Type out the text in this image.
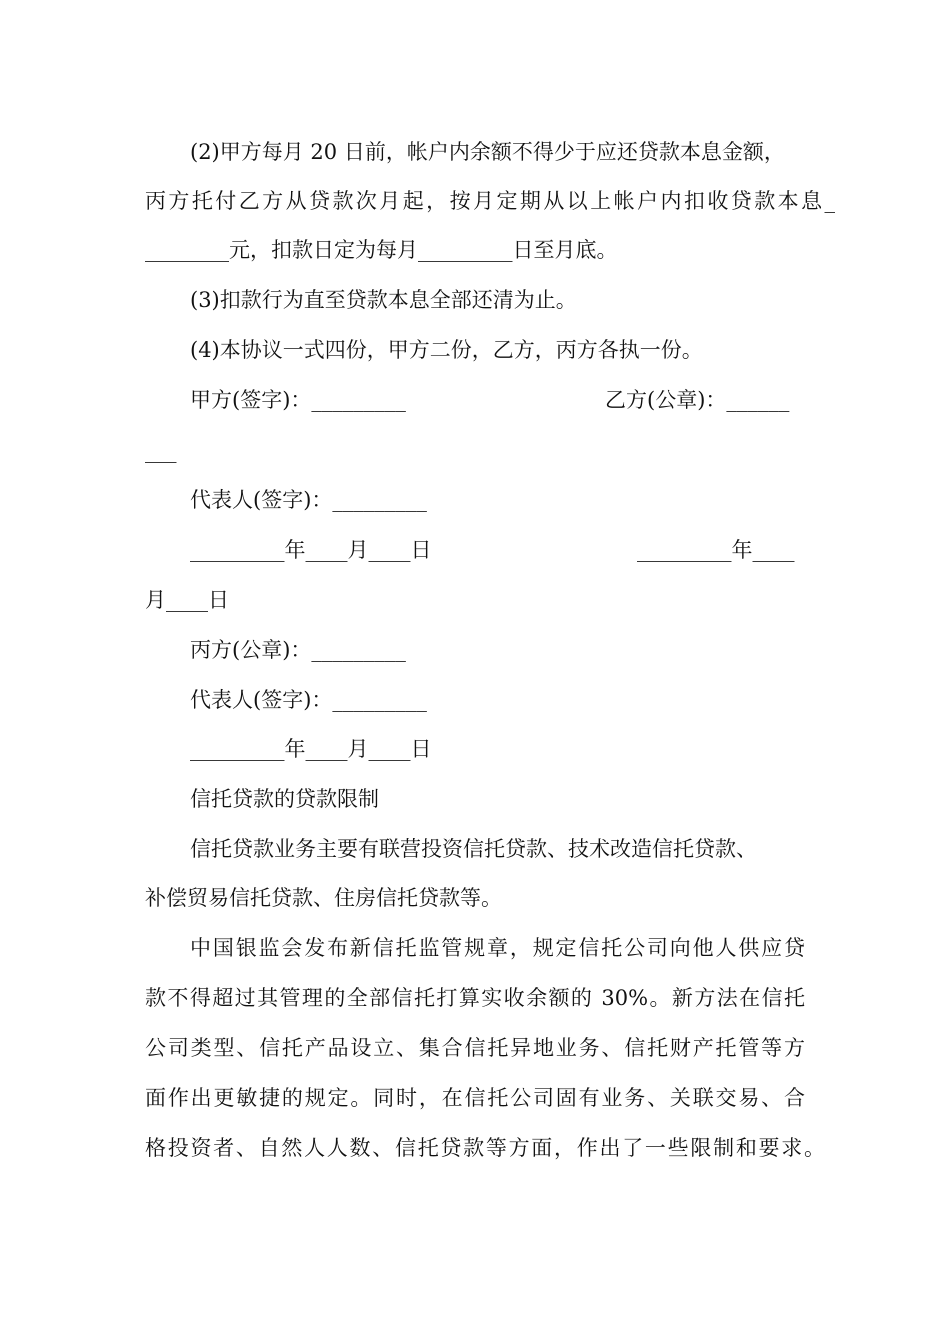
(2)甲方每月 20 日前，帐户内余额不得少于应还贷款本息金额，
丙方托付乙方从贷款次月起，按月定期从以上帐户内扣收贷款本息_
________元，扣款日定为每月_________日至月底。
(3)扣款行为直至贷款本息全部还清为止。
(4)本协议一式四份，甲方二份，乙方，丙方各执一份。
甲方(签字)：_________	乙方(公章)：______
___
代表人(签字)：_________
_________年____月____日	_________年____
月____日
丙方(公章)：_________
代表人(签字)：_________
_________年____月____日
信托贷款的贷款限制
信托贷款业务主要有联营投资信托贷款、技术改造信托贷款、
补偿贸易信托贷款、住房信托贷款等。
中国银监会发布新信托监管规章，规定信托公司向他人供应贷
款不得超过其管理的全部信托打算实收余额的 30%。新方法在信托
公司类型、信托产品设立、集合信托异地业务、信托财产托管等方
面作出更敏捷的规定。同时，在信托公司固有业务、关联交易、合
格投资者、自然人人数、信托贷款等方面，作出了一些限制和要求。
